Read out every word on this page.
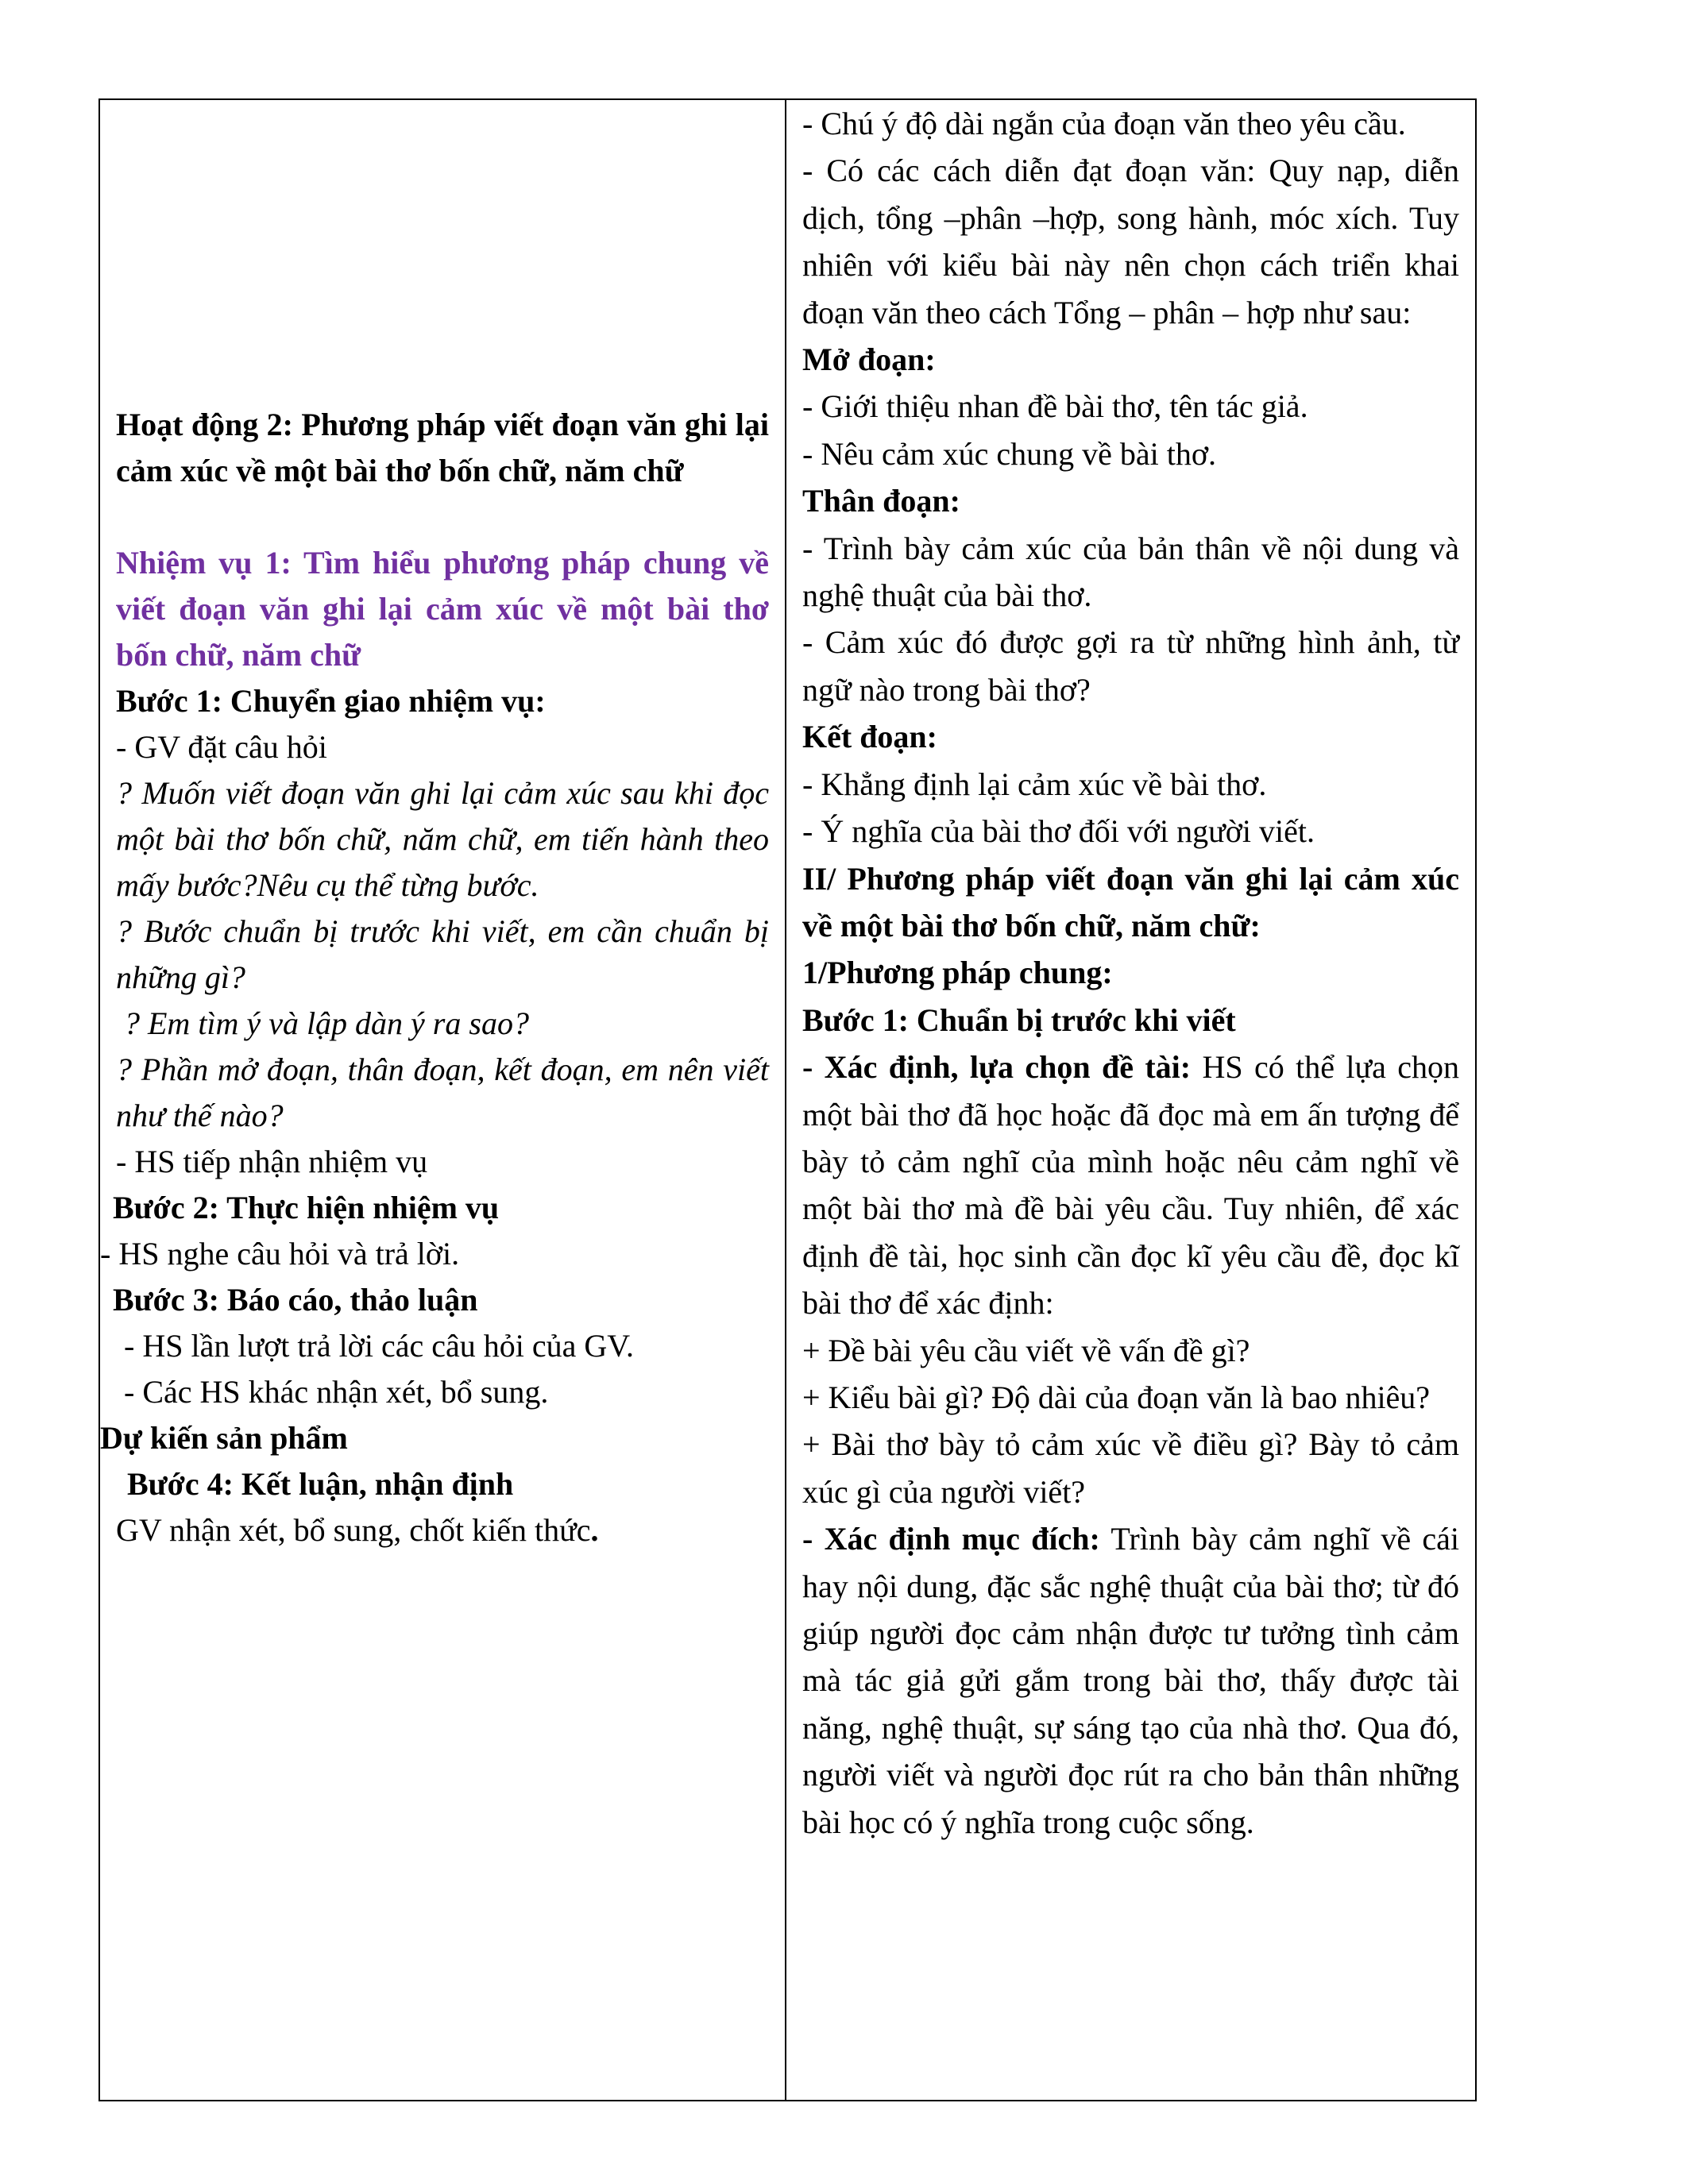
Hoạt động 2: Phương pháp viết đoạn văn ghi lại cảm xúc về một bài thơ bốn chữ, năm chữ

Nhiệm vụ 1: Tìm hiểu phương pháp chung về viết đoạn văn ghi lại cảm xúc về một bài thơ bốn chữ, năm chữ

Bước 1: Chuyển giao nhiệm vụ:

- GV đặt câu hỏi

? Muốn viết đoạn văn ghi lại cảm xúc sau khi đọc một bài thơ bốn chữ, năm chữ, em tiến hành theo mấy bước?Nêu cụ thể từng bước.

? Bước chuẩn bị trước khi viết, em cần chuẩn bị những gì?

? Em tìm ý và lập dàn ý ra sao?

? Phần mở đoạn, thân đoạn, kết đoạn, em nên viết như thế nào?

- HS tiếp nhận nhiệm vụ

Bước 2: Thực hiện nhiệm vụ

- HS nghe câu hỏi và trả lời.

Bước 3: Báo cáo, thảo luận

- HS lần lượt trả lời các câu hỏi của GV.

- Các HS khác nhận xét, bổ sung.

Dự kiến sản phẩm

Bước 4: Kết luận, nhận định

GV nhận xét, bổ sung, chốt kiến thức.

- Chú ý độ dài ngắn của đoạn văn theo yêu cầu.

- Có các cách diễn đạt đoạn văn: Quy nạp, diễn dịch, tổng –phân –hợp, song hành, móc xích. Tuy nhiên với kiểu bài này nên chọn cách triển khai đoạn văn theo cách Tổng – phân – hợp như sau:

Mở đoạn:

- Giới thiệu nhan đề bài thơ, tên tác giả.

- Nêu cảm xúc chung về bài thơ.

Thân đoạn:

- Trình bày cảm xúc của bản thân về nội dung và nghệ thuật của bài thơ.

- Cảm xúc đó được gợi ra từ những hình ảnh, từ ngữ nào trong bài thơ?

Kết đoạn:

- Khẳng định lại cảm xúc về bài thơ.

- Ý nghĩa của bài thơ đối với người viết.

II/ Phương pháp viết đoạn văn ghi lại cảm xúc về một bài thơ bốn chữ, năm chữ:

1/Phương pháp chung:

Bước 1: Chuẩn bị trước khi viết

- Xác định, lựa chọn đề tài: HS có thể lựa chọn một bài thơ đã học hoặc đã đọc mà em ấn tượng để bày tỏ cảm nghĩ của mình hoặc nêu cảm nghĩ về một bài thơ mà đề bài yêu cầu. Tuy nhiên, để xác định đề tài, học sinh cần đọc kĩ yêu cầu đề, đọc kĩ bài thơ để xác định:

+ Đề bài yêu cầu viết về vấn đề gì?

+ Kiểu bài gì? Độ dài của đoạn văn là bao nhiêu?

+ Bài thơ bày tỏ cảm xúc về điều gì? Bày tỏ cảm xúc gì của người viết?

- Xác định mục đích: Trình bày cảm nghĩ về cái hay nội dung, đặc sắc nghệ thuật của bài thơ; từ đó giúp người đọc cảm nhận được tư tưởng tình cảm mà tác giả gửi gắm trong bài thơ, thấy được tài năng, nghệ thuật, sự sáng tạo của nhà thơ. Qua đó, người viết và người đọc rút ra cho bản thân những bài học có ý nghĩa trong cuộc sống.
